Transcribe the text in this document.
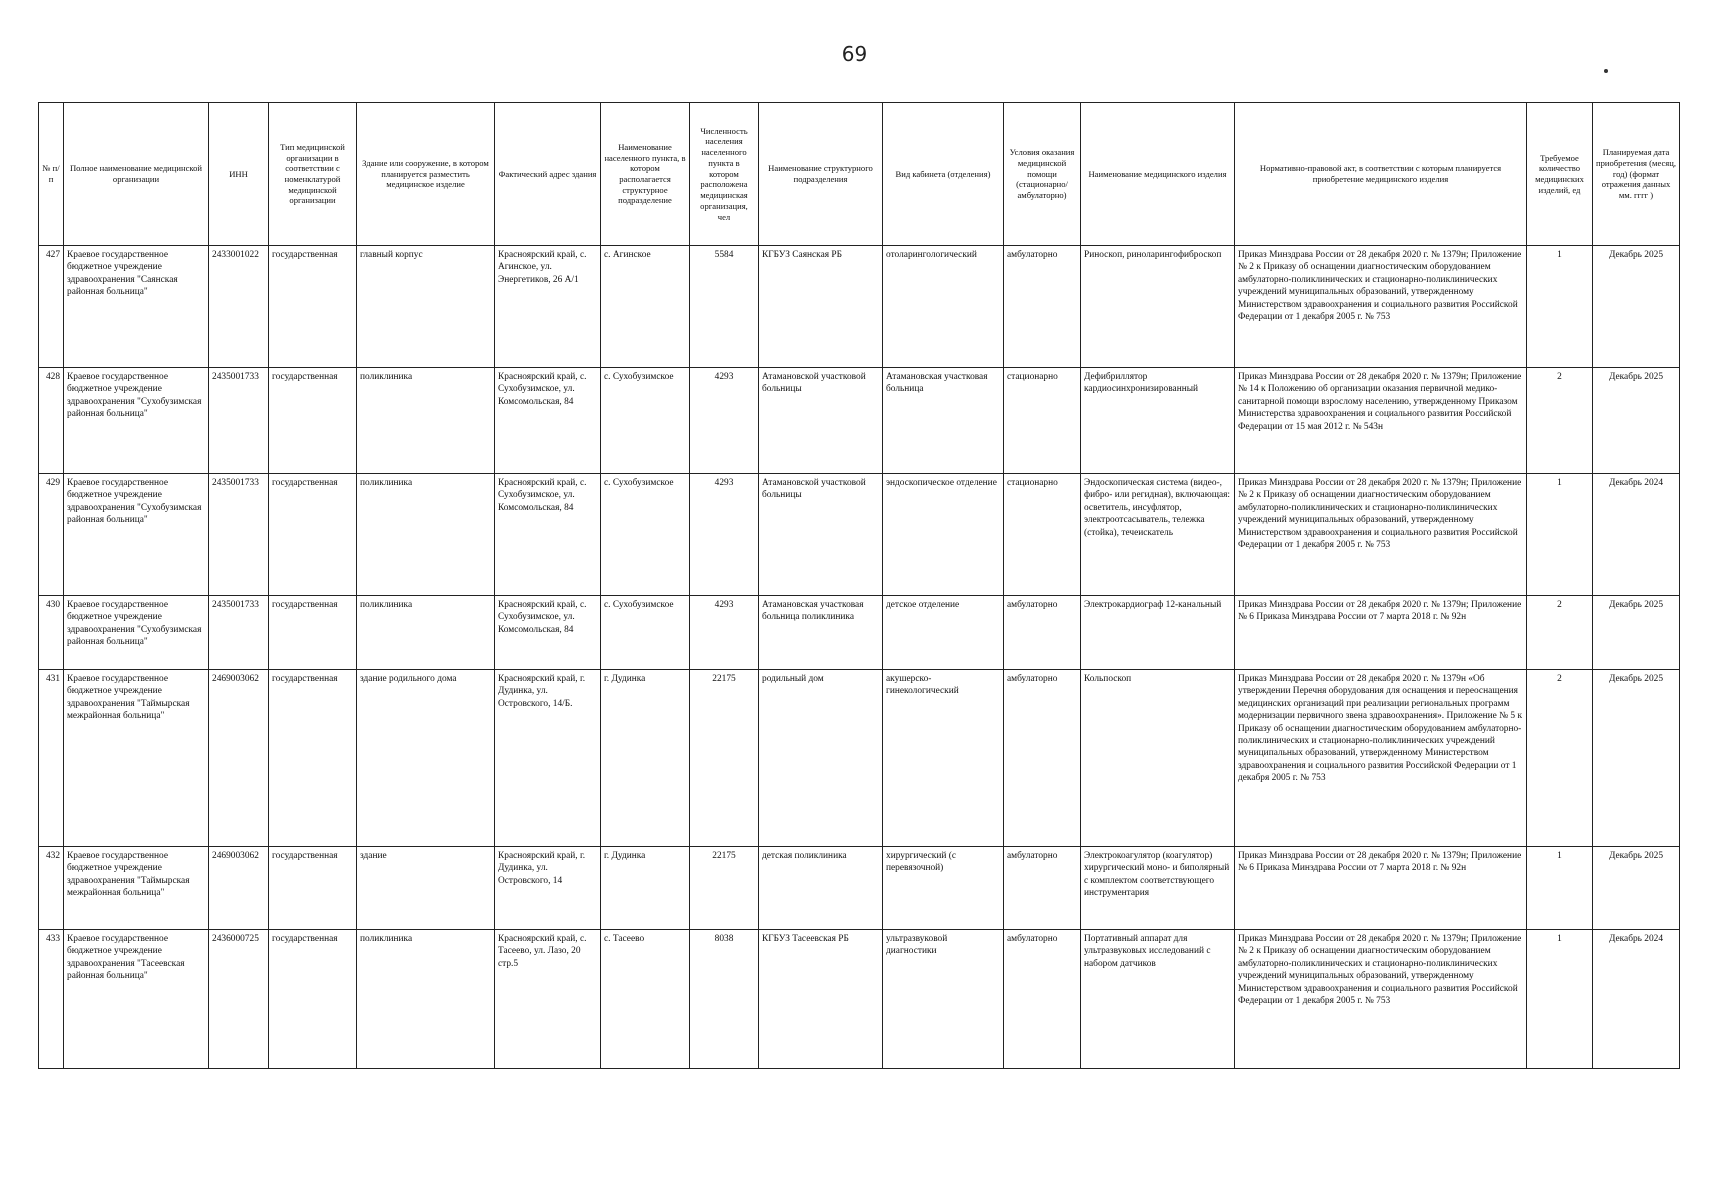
69
№ п/п	Полное наименование медицинской организации	ИНН	Тип медицинской организации в соответствии с номенклатурой медицинской организации	Здание или сооружение, в котором планируется разместить медицинское изделие	Фактический адрес здания	Наименование населенного пункта, в котором располагается структурное подразделение	Численность населения населенного пункта в котором расположена медицинская организация, чел	Наименование структурного подразделения	Вид кабинета (отделения)	Условия оказания медицинской помощи (стационарно/ амбулаторно)	Наименование медицинского изделия	Нормативно-правовой акт, в соответствии с которым планируется приобретение медицинского изделия	Требуемое количество медицинских изделий, ед	Планируемая дата приобретения (месяц, год) (формат отражения данных мм. гггг )
427	Краевое государственное бюджетное учреждение здравоохранения "Саянская районная больница"	2433001022	государственная	главный корпус	Красноярский край, с. Агинское, ул. Энергетиков, 26 А/1	с. Агинское	5584	КГБУЗ Саянская РБ	отоларингологический	амбулаторно	Риноскоп, риноларингофиброскоп	Приказ Минздрава России от 28 декабря 2020 г. № 1379н; Приложение № 2 к Приказу об оснащении диагностическим оборудованием амбулаторно-поликлинических и стационарно-поликлинических учреждений муниципальных образований, утвержденному Министерством здравоохранения и социального развития Российской Федерации от 1 декабря 2005 г. № 753	1	Декабрь 2025
428	Краевое государственное бюджетное учреждение здравоохранения "Сухобузимская районная больница"	2435001733	государственная	поликлиника	Красноярский край, с. Сухобузимское, ул. Комсомольская, 84	с. Сухобузимское	4293	Атамановской участковой больницы	Атамановская участковая больница	стационарно	Дефибриллятор кардиосинхронизированный	Приказ Минздрава России от 28 декабря 2020 г. № 1379н; Приложение № 14 к Положению об организации оказания первичной медико-санитарной помощи взрослому населению, утвержденному Приказом Министерства здравоохранения и социального развития Российской Федерации от 15 мая 2012 г. № 543н	2	Декабрь 2025
429	Краевое государственное бюджетное учреждение здравоохранения "Сухобузимская районная больница"	2435001733	государственная	поликлиника	Красноярский край, с. Сухобузимское, ул. Комсомольская, 84	с. Сухобузимское	4293	Атамановской участковой больницы	эндоскопическое отделение	стационарно	Эндоскопическая система (видео-, фибро- или регидная), включающая: осветитель, инсуфлятор, электроотсасыватель, тележка (стойка), течеискатель	Приказ Минздрава России от 28 декабря 2020 г. № 1379н; Приложение № 2 к Приказу об оснащении диагностическим оборудованием амбулаторно-поликлинических и стационарно-поликлинических учреждений муниципальных образований, утвержденному Министерством здравоохранения и социального развития Российской Федерации от 1 декабря 2005 г. № 753	1	Декабрь 2024
430	Краевое государственное бюджетное учреждение здравоохранения "Сухобузимская районная больница"	2435001733	государственная	поликлиника	Красноярский край, с. Сухобузимское, ул. Комсомольская, 84	с. Сухобузимское	4293	Атамановская участковая больница поликлиника	детское отделение	амбулаторно	Электрокардиограф 12-канальный	Приказ Минздрава России от 28 декабря 2020 г. № 1379н; Приложение № 6 Приказа Минздрава России от 7 марта 2018 г. № 92н	2	Декабрь 2025
431	Краевое государственное бюджетное учреждение здравоохранения "Таймырская межрайонная больница"	2469003062	государственная	здание родильного дома	Красноярский край, г. Дудинка, ул. Островского, 14/Б.	г. Дудинка	22175	родильный дом	акушерско-гинекологический	амбулаторно	Кольпоскоп	Приказ Минздрава России от 28 декабря 2020 г. № 1379н «Об утверждении Перечня оборудования для оснащения и переоснащения медицинских организаций при реализации региональных программ модернизации первичного звена здравоохранения». Приложение № 5 к Приказу об оснащении диагностическим оборудованием амбулаторно-поликлинических и стационарно-поликлинических учреждений муниципальных образований, утвержденному Министерством здравоохранения и социального развития Российской Федерации от 1 декабря 2005 г. № 753	2	Декабрь 2025
432	Краевое государственное бюджетное учреждение здравоохранения "Таймырская межрайонная больница"	2469003062	государственная	здание	Красноярский край, г. Дудинка, ул. Островского, 14	г. Дудинка	22175	детская поликлиника	хирургический (с перевязочной)	амбулаторно	Электрокоагулятор (коагулятор) хирургический моно- и биполярный с комплектом соответствующего инструментария	Приказ Минздрава России от 28 декабря 2020 г. № 1379н; Приложение № 6 Приказа Минздрава России от 7 марта 2018 г. № 92н	1	Декабрь 2025
433	Краевое государственное бюджетное учреждение здравоохранения "Тасеевская районная больница"	2436000725	государственная	поликлиника	Красноярский край, с. Тасеево, ул. Лазо, 20 стр.5	с. Тасеево	8038	КГБУЗ Тасеевская РБ	ультразвуковой диагностики	амбулаторно	Портативный аппарат для ультразвуковых исследований с набором датчиков	Приказ Минздрава России от 28 декабря 2020 г. № 1379н; Приложение № 2 к Приказу об оснащении диагностическим оборудованием амбулаторно-поликлинических и стационарно-поликлинических учреждений муниципальных образований, утвержденному Министерством здравоохранения и социального развития Российской Федерации от 1 декабря 2005 г. № 753	1	Декабрь 2024
